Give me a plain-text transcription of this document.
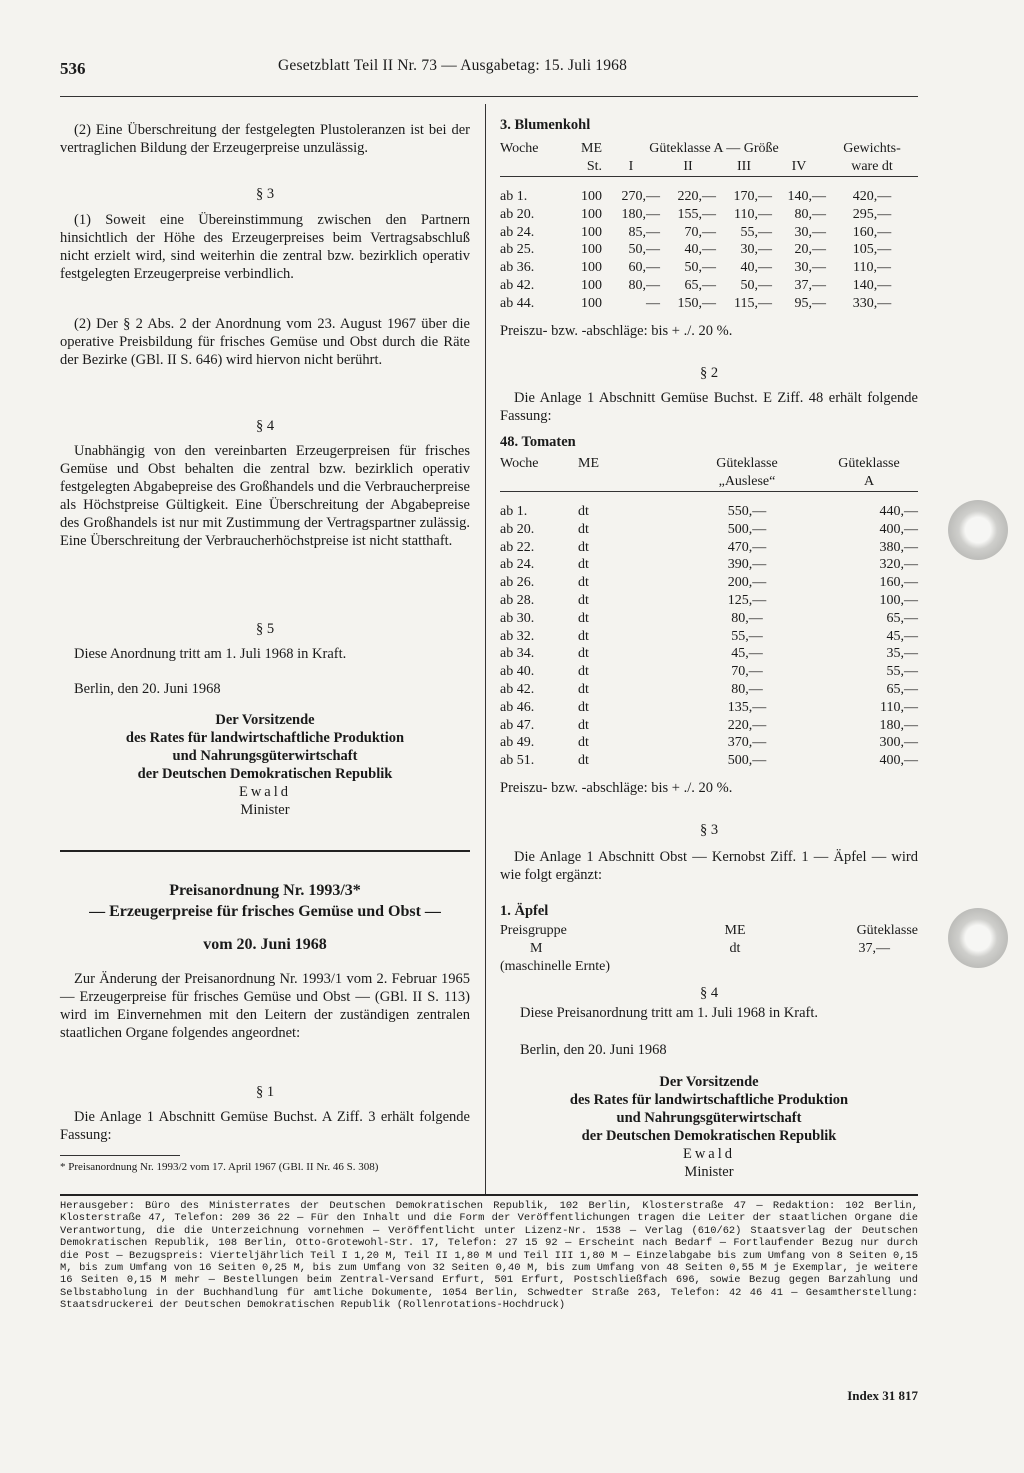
536	Gesetzblatt Teil II Nr. 73 — Ausgabetag: 15. Juli 1968

(2) Eine Überschreitung der festgelegten Plustoleranzen ist bei der vertraglichen Bildung der Erzeugerpreise unzulässig.

§ 3

(1) Soweit eine Übereinstimmung zwischen den Partnern hinsichtlich der Höhe des Erzeugerpreises beim Vertragsabschluß nicht erzielt wird, sind weiterhin die zentral bzw. bezirklich operativ festgelegten Erzeugerpreise verbindlich.

(2) Der § 2 Abs. 2 der Anordnung vom 23. August 1967 über die operative Preisbildung für frisches Gemüse und Obst durch die Räte der Bezirke (GBl. II S. 646) wird hiervon nicht berührt.

§ 4

Unabhängig von den vereinbarten Erzeugerpreisen für frisches Gemüse und Obst behalten die zentral bzw. bezirklich operativ festgelegten Abgabepreise des Großhandels und die Verbraucherpreise als Höchstpreise Gültigkeit. Eine Überschreitung der Abgabepreise des Großhandels ist nur mit Zustimmung der Vertragspartner zulässig. Eine Überschreitung der Verbraucherhöchstpreise ist nicht statthaft.

§ 5

Diese Anordnung tritt am 1. Juli 1968 in Kraft.

Berlin, den 20. Juni 1968
Der Vorsitzende
des Rates für landwirtschaftliche Produktion
und Nahrungsgüterwirtschaft
der Deutschen Demokratischen Republik
Ewald
Minister
Preisanordnung Nr. 1993/3*
— Erzeugerpreise für frisches Gemüse und Obst —
vom 20. Juni 1968

Zur Änderung der Preisanordnung Nr. 1993/1 vom 2. Februar 1965 — Erzeugerpreise für frisches Gemüse und Obst — (GBl. II S. 113) wird im Einvernehmen mit den Leitern der zuständigen zentralen staatlichen Organe folgendes angeordnet:

§ 1

Die Anlage 1 Abschnitt Gemüse Buchst. A Ziff. 3 erhält folgende Fassung:

* Preisanordnung Nr. 1993/2 vom 17. April 1967 (GBl. II Nr. 46 S. 308)
3. Blumenkohl
Woche	ME	Güteklasse A — Größe				Gewichts-
	St.	I	II	III	IV	ware dt

ab 1.	100	270,—	220,—	170,—	140,—	420,—
ab 20.	100	180,—	155,—	110,—	80,—	295,—
ab 24.	100	85,—	70,—	55,—	30,—	160,—
ab 25.	100	50,—	40,—	30,—	20,—	105,—
ab 36.	100	60,—	50,—	40,—	30,—	110,—
ab 42.	100	80,—	65,—	50,—	37,—	140,—
ab 44.	100	—	150,—	115,—	95,—	330,—
Preiszu- bzw. -abschläge: bis + ./. 20 %.
§ 2

Die Anlage 1 Abschnitt Gemüse Buchst. E Ziff. 48 erhält folgende Fassung:

48. Tomaten
Woche	ME	Güteklasse	Güteklasse
		„Auslese“	A

ab 1.	dt	550,—	440,—
ab 20.	dt	500,—	400,—
ab 22.	dt	470,—	380,—
ab 24.	dt	390,—	320,—
ab 26.	dt	200,—	160,—
ab 28.	dt	125,—	100,—
ab 30.	dt	80,—	65,—
ab 32.	dt	55,—	45,—
ab 34.	dt	45,—	35,—
ab 40.	dt	70,—	55,—
ab 42.	dt	80,—	65,—
ab 46.	dt	135,—	110,—
ab 47.	dt	220,—	180,—
ab 49.	dt	370,—	300,—
ab 51.	dt	500,—	400,—
Preiszu- bzw. -abschläge: bis + ./. 20 %.
§ 3

Die Anlage 1 Abschnitt Obst — Kernobst Ziff. 1 — Äpfel — wird wie folgt ergänzt:

1. Äpfel
Preisgruppe	ME	Güteklasse
M	dt	37,—
(maschinelle Ernte)		
§ 4

Diese Preisanordnung tritt am 1. Juli 1968 in Kraft.

Berlin, den 20. Juni 1968
Der Vorsitzende
des Rates für landwirtschaftliche Produktion
und Nahrungsgüterwirtschaft
der Deutschen Demokratischen Republik
Ewald
Minister
Herausgeber: Büro des Ministerrates der Deutschen Demokratischen Republik, 102 Berlin, Klosterstraße 47 — Redaktion: 102 Berlin, Klosterstraße 47, Telefon: 209 36 22 — Für den Inhalt und die Form der Veröffentlichungen tragen die Leiter der staatlichen Organe die Verantwortung, die die Unterzeichnung vornehmen — Veröffentlicht unter Lizenz-Nr. 1538 — Verlag (610/62) Staatsverlag der Deutschen Demokratischen Republik, 108 Berlin, Otto-Grotewohl-Str. 17, Telefon: 27 15 92 — Erscheint nach Bedarf — Fortlaufender Bezug nur durch die Post — Bezugspreis: Vierteljährlich Teil I 1,20 M, Teil II 1,80 M und Teil III 1,80 M — Einzelabgabe bis zum Umfang von 8 Seiten 0,15 M, bis zum Umfang von 16 Seiten 0,25 M, bis zum Umfang von 32 Seiten 0,40 M, bis zum Umfang von 48 Seiten 0,55 M je Exemplar, je weitere 16 Seiten 0,15 M mehr — Bestellungen beim Zentral-Versand Erfurt, 501 Erfurt, Postschließfach 696, sowie Bezug gegen Barzahlung und Selbstabholung in der Buchhandlung für amtliche Dokumente, 1054 Berlin, Schwedter Straße 263, Telefon: 42 46 41 — Gesamtherstellung: Staatsdruckerei der Deutschen Demokratischen Republik (Rollenrotations-Hochdruck)
Index 31 817
